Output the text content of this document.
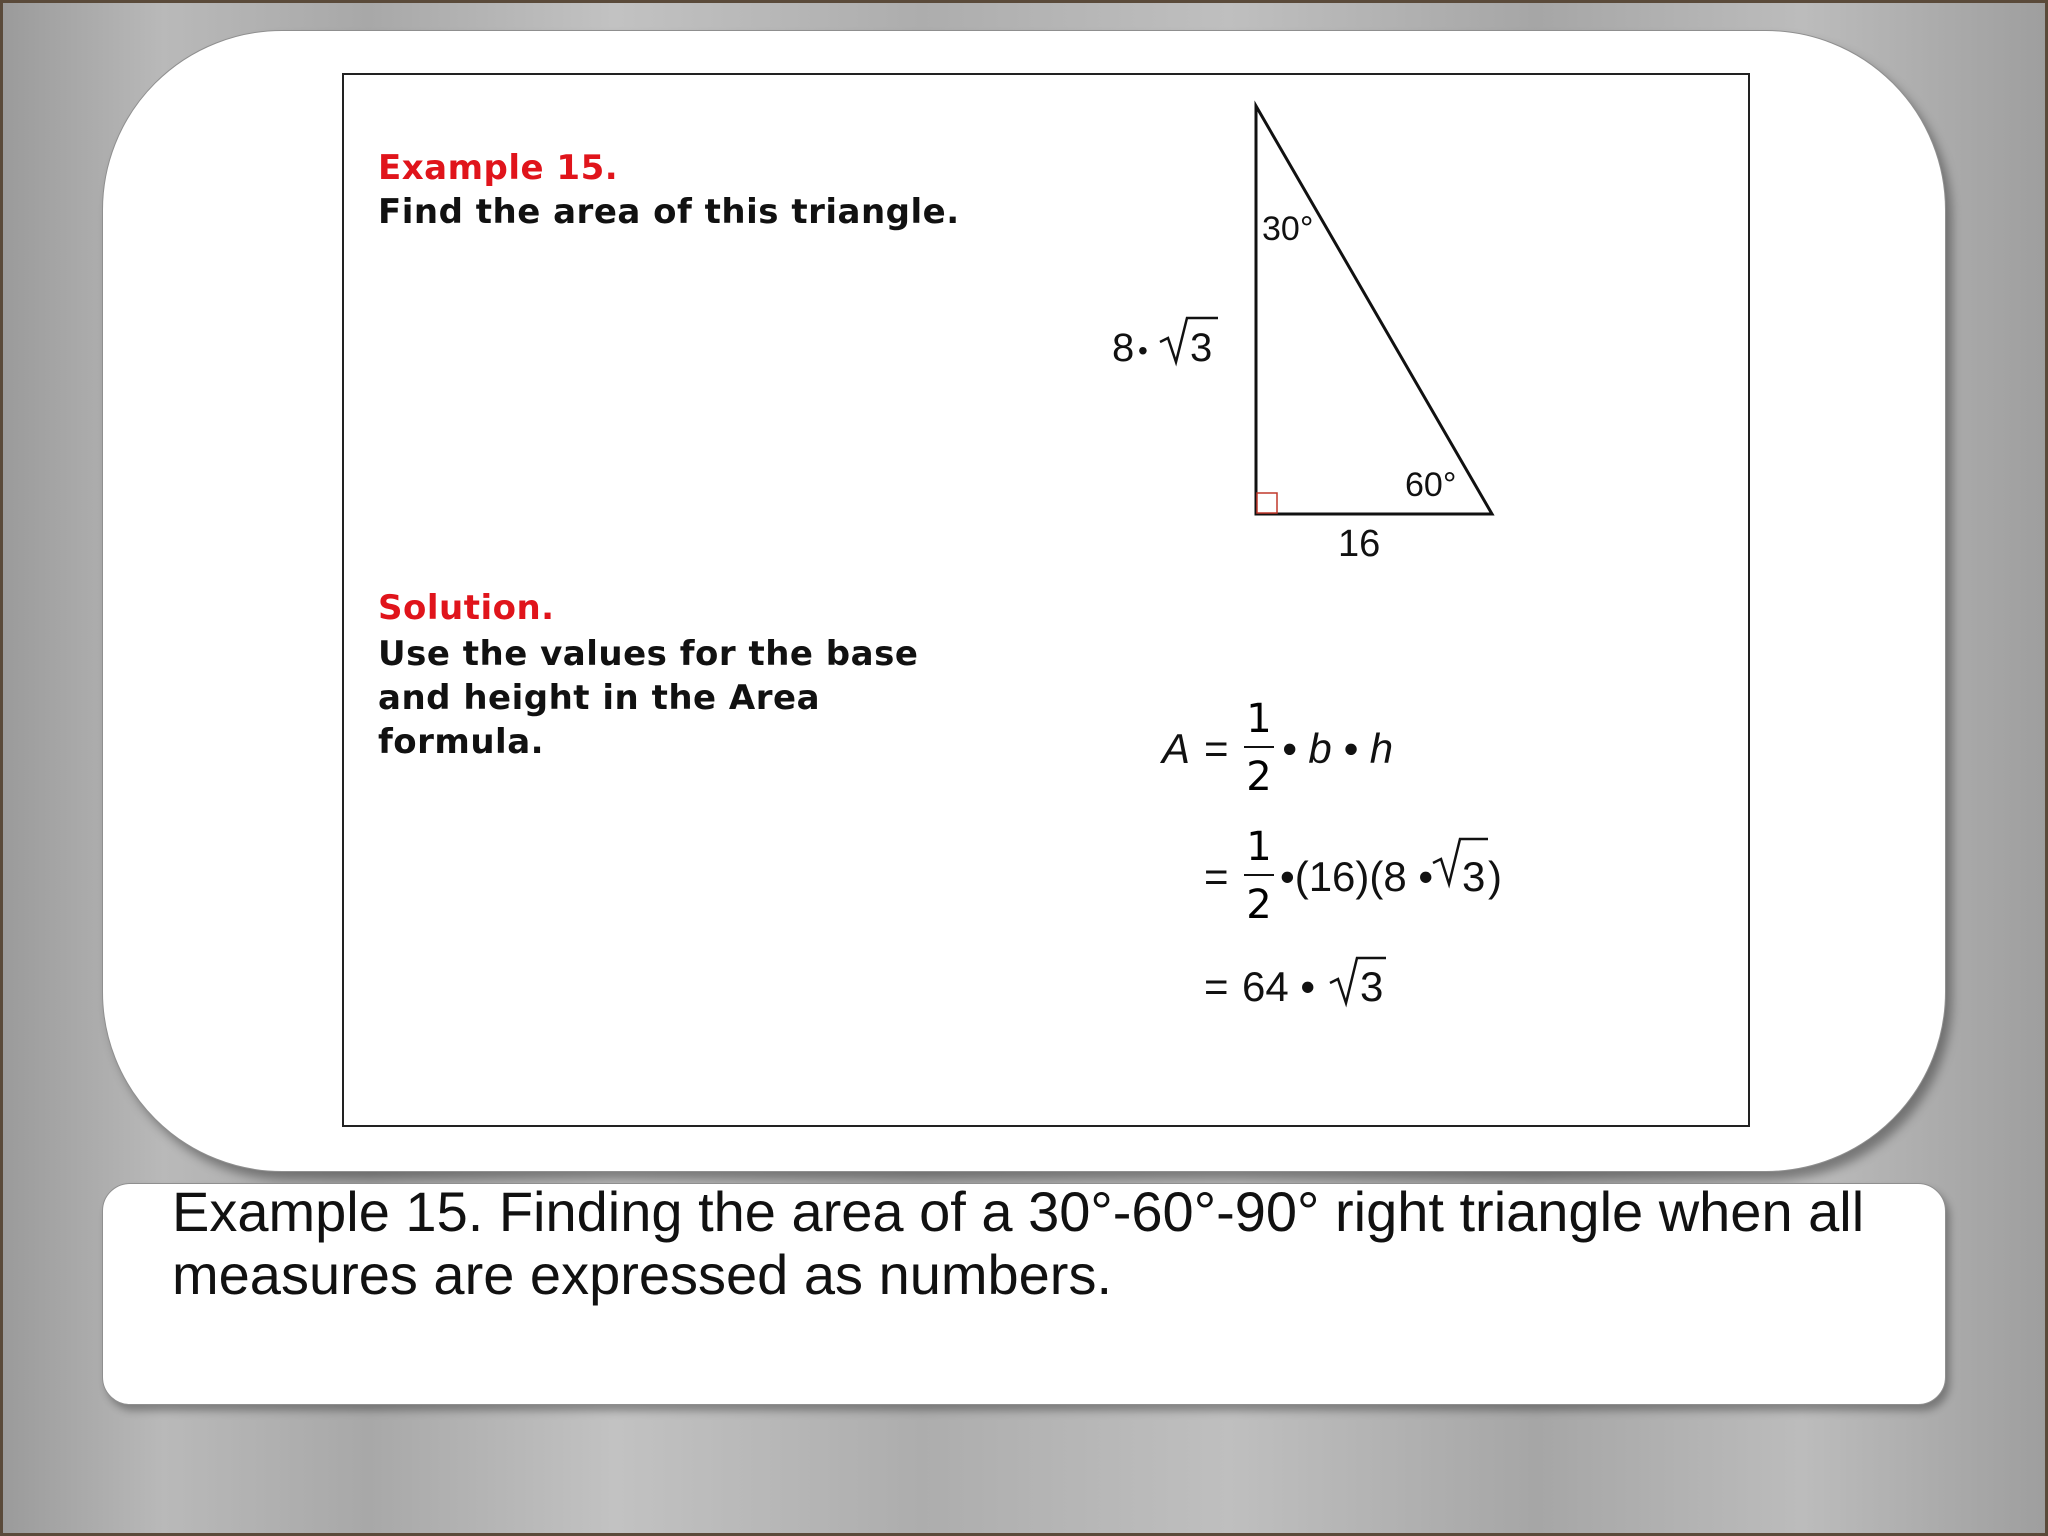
Example 15.
Find the area of this triangle.
Solution.
Use the values for the base and height in the Area formula.
30°
60°
16
8 • 3
A =
1
2
• b • h
=
1
2
•(16)(8 • 3 )
= 64 • 3
Example 15. Finding the area of a 30°-60°-90° right triangle when all measures are expressed as numbers.
